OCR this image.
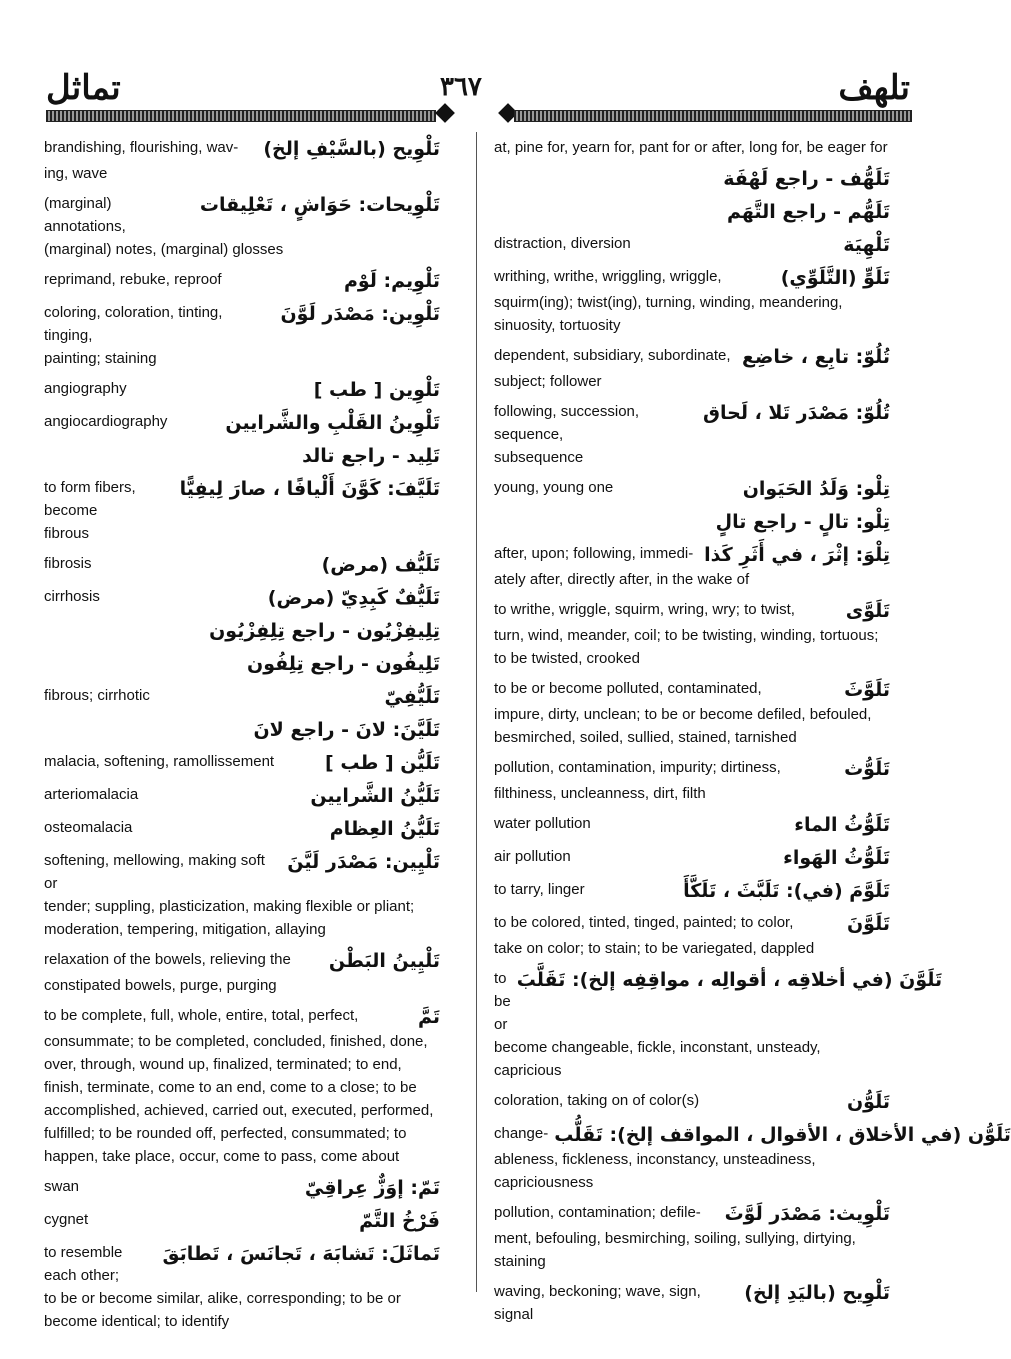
تماثل	٣٦٧	تلهف
brandishing, flourishing, wav-	تَلْوِيح (بالسَّيْفِ إلخ)
ing, wave
(marginal) annotations,
تَلْوِيحات: حَوَاشٍ ، تَعْلِيقات
(marginal) notes, (marginal) glosses
reprimand, rebuke, reproof	تَلْوِيم: لَوْم
coloring, coloration, tinting, tinging,
تَلْوِين: مَصْدَر لَوَّنَ
painting; staining
angiography	تَلْوِين [ طب ]
angiocardiography	تَلْوِينُ القَلْبِ والشَّرايين
تَلِيد - راجع تالد
to form fibers, become
تَلَيَّفَ: كَوَّنَ أَلْيافًا ، صارَ لِيفِيًّا
fibrous
fibrosis	تَلَيُّف (مرض)
cirrhosis	تَلَيُّفٌ كَبِدِيّ (مرض)
تِلِيفِزْيُون - راجع تِلِفِزْيُون
تَلِيفُون - راجع تِلِفُون
fibrous; cirrhotic	تَلَيُّفِيّ
تَلَيَّنَ: لانَ - راجع لانَ
malacia, softening, ramollissement	تَلَيُّن [ طب ]
arteriomalacia	تَلَيُّنُ الشَّرايين
osteomalacia	تَلَيُّنُ العِظام
softening, mellowing, making soft or
تَلْيِين: مَصْدَر لَيَّنَ
tender; suppling, plasticization, making flexible or pliant; moderation, tempering, mitigation, allaying
relaxation of the bowels, relieving the	تَلْيِينُ البَطْن
constipated bowels, purge, purging
to be complete, full, whole, entire, total, perfect,	تَمَّ
consummate; to be completed, concluded, finished, done, over, through, wound up, finalized, terminated; to end, finish, terminate, come to an end, come to a close; to be accomplished, achieved, carried out, executed, performed, fulfilled; to be rounded off, perfected, consummated; to happen, take place, occur, come to pass, come about
swan	تَمّ: إوَزٌّ عِراقِيّ
cygnet	فَرْخُ التَّمّ
to resemble each other;
تَماثَلَ: تَشابَهَ ، تَجانَسَ ، تَطابَقَ
to be or become similar, alike, corresponding; to be or become identical; to identify
at, pine for, yearn for, pant for or after, long for, be eager for
تَلَهُّف - راجع لَهْفَة
تَلَهُّم - راجع التَّهَم
distraction, diversion	تَلْهِيَة
writhing, writhe, wriggling, wriggle,	تَلَوٍّ (التَّلَوِّي)
squirm(ing); twist(ing), turning, winding, meandering, sinuosity, tortuosity
dependent, subsidiary, subordinate, تُلُوّ: تابِع ، خاضِع
subject; follower
following, succession, sequence,
تُلُوّ: مَصْدَر تَلا ، لَحاق
subsequence
young, young one	تِلْو: وَلَدُ الحَيَوان
تِلْو: تالٍ - راجع تالٍ
after, upon; following, immedi- تِلْوَ: إثْرَ ، في أَثَرِ كَذا
ately after, directly after, in the wake of
to writhe, wriggle, squirm, wring, wry; to twist,	تَلَوَّى
turn, wind, meander, coil; to be twisting, winding, tortuous; to be twisted, crooked
to be or become polluted, contaminated,	تَلَوَّثَ
impure, dirty, unclean; to be or become defiled, befouled, besmirched, soiled, sullied, stained, tarnished
pollution, contamination, impurity; dirtiness,	تَلَوُّث
filthiness, uncleanness, dirt, filth
water pollution	تَلَوُّثُ الماء
air pollution	تَلَوُّثُ الهَواء
to tarry, linger	تَلَوَّمَ (في): تَلَبَّثَ ، تَلَكَّأَ
to be colored, tinted, tinged, painted; to color,	تَلَوَّنَ
take on color; to stain; to be variegated, dappled
to be or
تَلَوَّنَ (في أخلاقِه ، أقوالِه ، مواقِفِه إلخ): تَقَلَّبَ
become changeable, fickle, inconstant, unsteady, capricious
coloration, taking on of color(s)	تَلَوُّن
change- تَلَوُّن (في الأخلاق ، الأقوال ، المواقف إلخ): تَقَلُّب
ableness, fickleness, inconstancy, unsteadiness, capriciousness
pollution, contamination; defile-	تَلْوِيث: مَصْدَر لَوَّثَ
ment, befouling, besmirching, soiling, sullying, dirtying, staining
waving, beckoning; wave, sign, signal
تَلْوِيح (باليَدِ إلخ)
